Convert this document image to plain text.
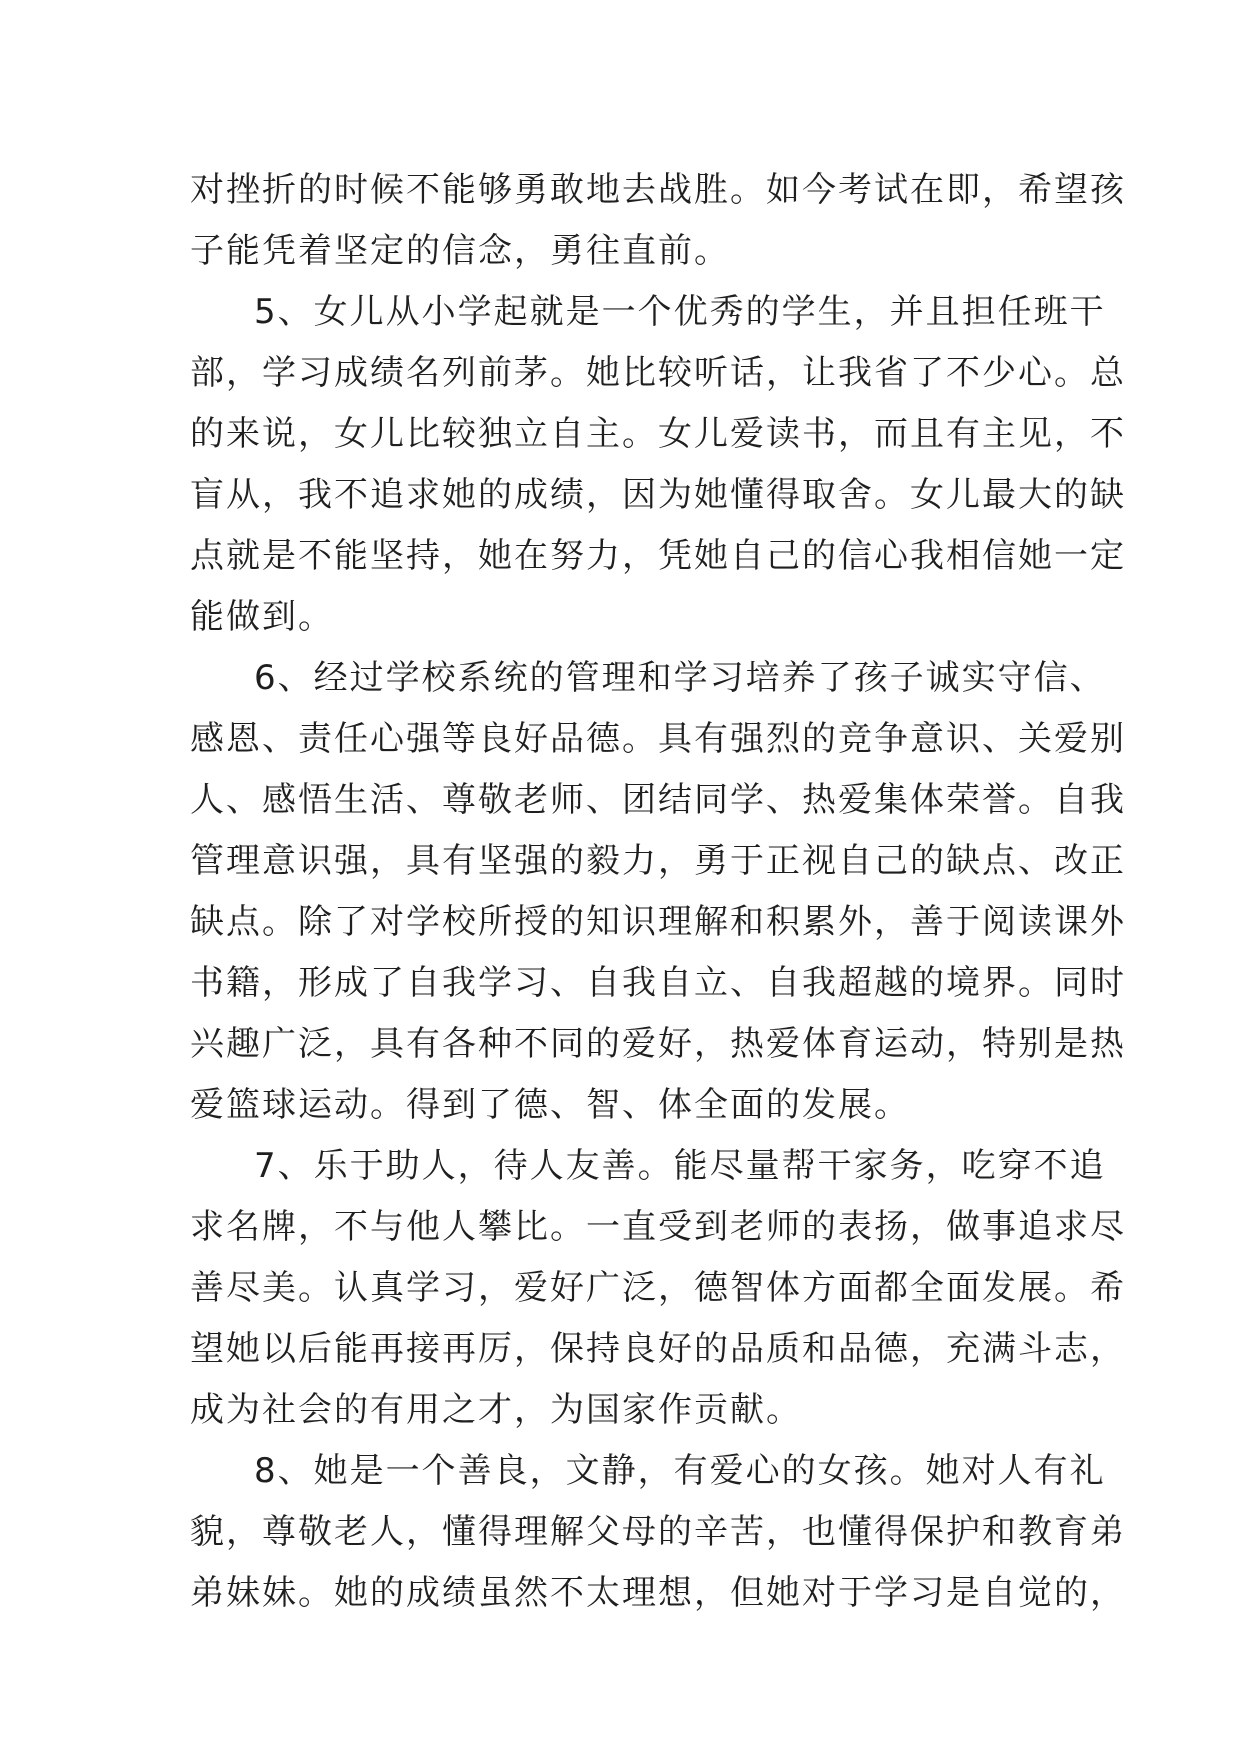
对挫折的时候不能够勇敢地去战胜。如今考试在即，希望孩
子能凭着坚定的信念，勇往直前。
5、女儿从小学起就是一个优秀的学生，并且担任班干
部，学习成绩名列前茅。她比较听话，让我省了不少心。总
的来说，女儿比较独立自主。女儿爱读书，而且有主见，不
盲从，我不追求她的成绩，因为她懂得取舍。女儿最大的缺
点就是不能坚持，她在努力，凭她自己的信心我相信她一定
能做到。
6、经过学校系统的管理和学习培养了孩子诚实守信、
感恩、责任心强等良好品德。具有强烈的竞争意识、关爱别
人、感悟生活、尊敬老师、团结同学、热爱集体荣誉。自我
管理意识强，具有坚强的毅力，勇于正视自己的缺点、改正
缺点。除了对学校所授的知识理解和积累外，善于阅读课外
书籍，形成了自我学习、自我自立、自我超越的境界。同时
兴趣广泛，具有各种不同的爱好，热爱体育运动，特别是热
爱篮球运动。得到了德、智、体全面的发展。
7、乐于助人，待人友善。能尽量帮干家务，吃穿不追
求名牌，不与他人攀比。一直受到老师的表扬，做事追求尽
善尽美。认真学习，爱好广泛，德智体方面都全面发展。希
望她以后能再接再厉，保持良好的品质和品德，充满斗志，
成为社会的有用之才，为国家作贡献。
8、她是一个善良，文静，有爱心的女孩。她对人有礼
貌，尊敬老人，懂得理解父母的辛苦，也懂得保护和教育弟
弟妹妹。她的成绩虽然不太理想，但她对于学习是自觉的，
